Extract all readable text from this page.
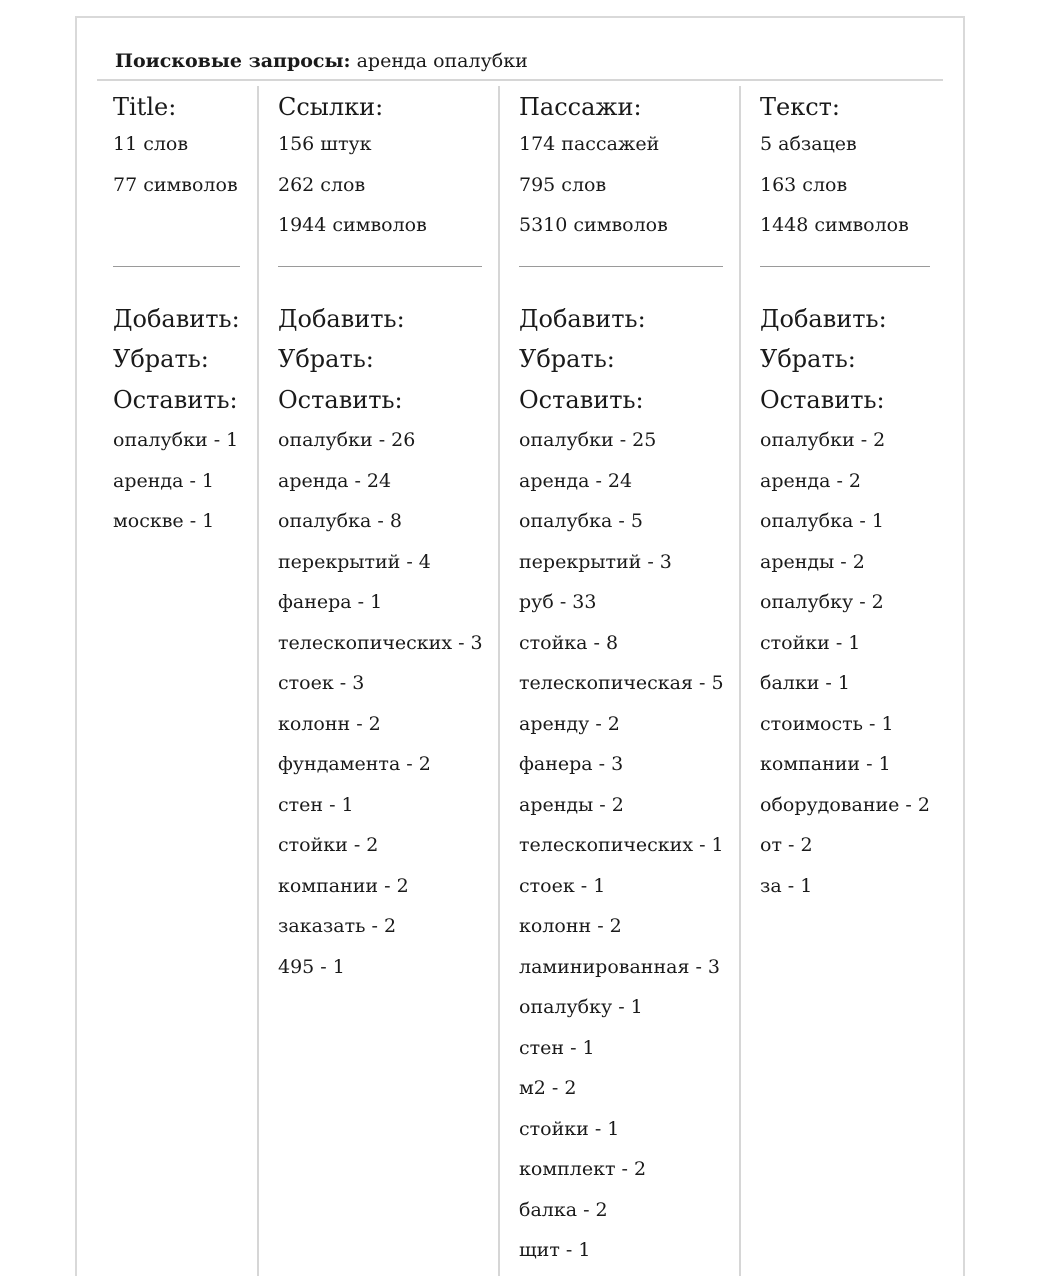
Поисковые запросы: аренда опалубки
Title:
11 слов
77 символов
Добавить:
Убрать:
Оставить:
опалубки - 1
аренда - 1
москве - 1
Ссылки:
156 штук
262 слов
1944 символов
Добавить:
Убрать:
Оставить:
опалубки - 26
аренда - 24
опалубка - 8
перекрытий - 4
фанера - 1
телескопических - 3
стоек - 3
колонн - 2
фундамента - 2
стен - 1
стойки - 2
компании - 2
заказать - 2
495 - 1
Пассажи:
174 пассажей
795 слов
5310 символов
Добавить:
Убрать:
Оставить:
опалубки - 25
аренда - 24
опалубка - 5
перекрытий - 3
руб - 33
стойка - 8
телескопическая - 5
аренду - 2
фанера - 3
аренды - 2
телескопических - 1
стоек - 1
колонн - 2
ламинированная - 3
опалубку - 1
стен - 1
м2 - 2
стойки - 1
комплект - 2
балка - 2
щит - 1
Текст:
5 абзацев
163 слов
1448 символов
Добавить:
Убрать:
Оставить:
опалубки - 2
аренда - 2
опалубка - 1
аренды - 2
опалубку - 2
стойки - 1
балки - 1
стоимость - 1
компании - 1
оборудование - 2
от - 2
за - 1
